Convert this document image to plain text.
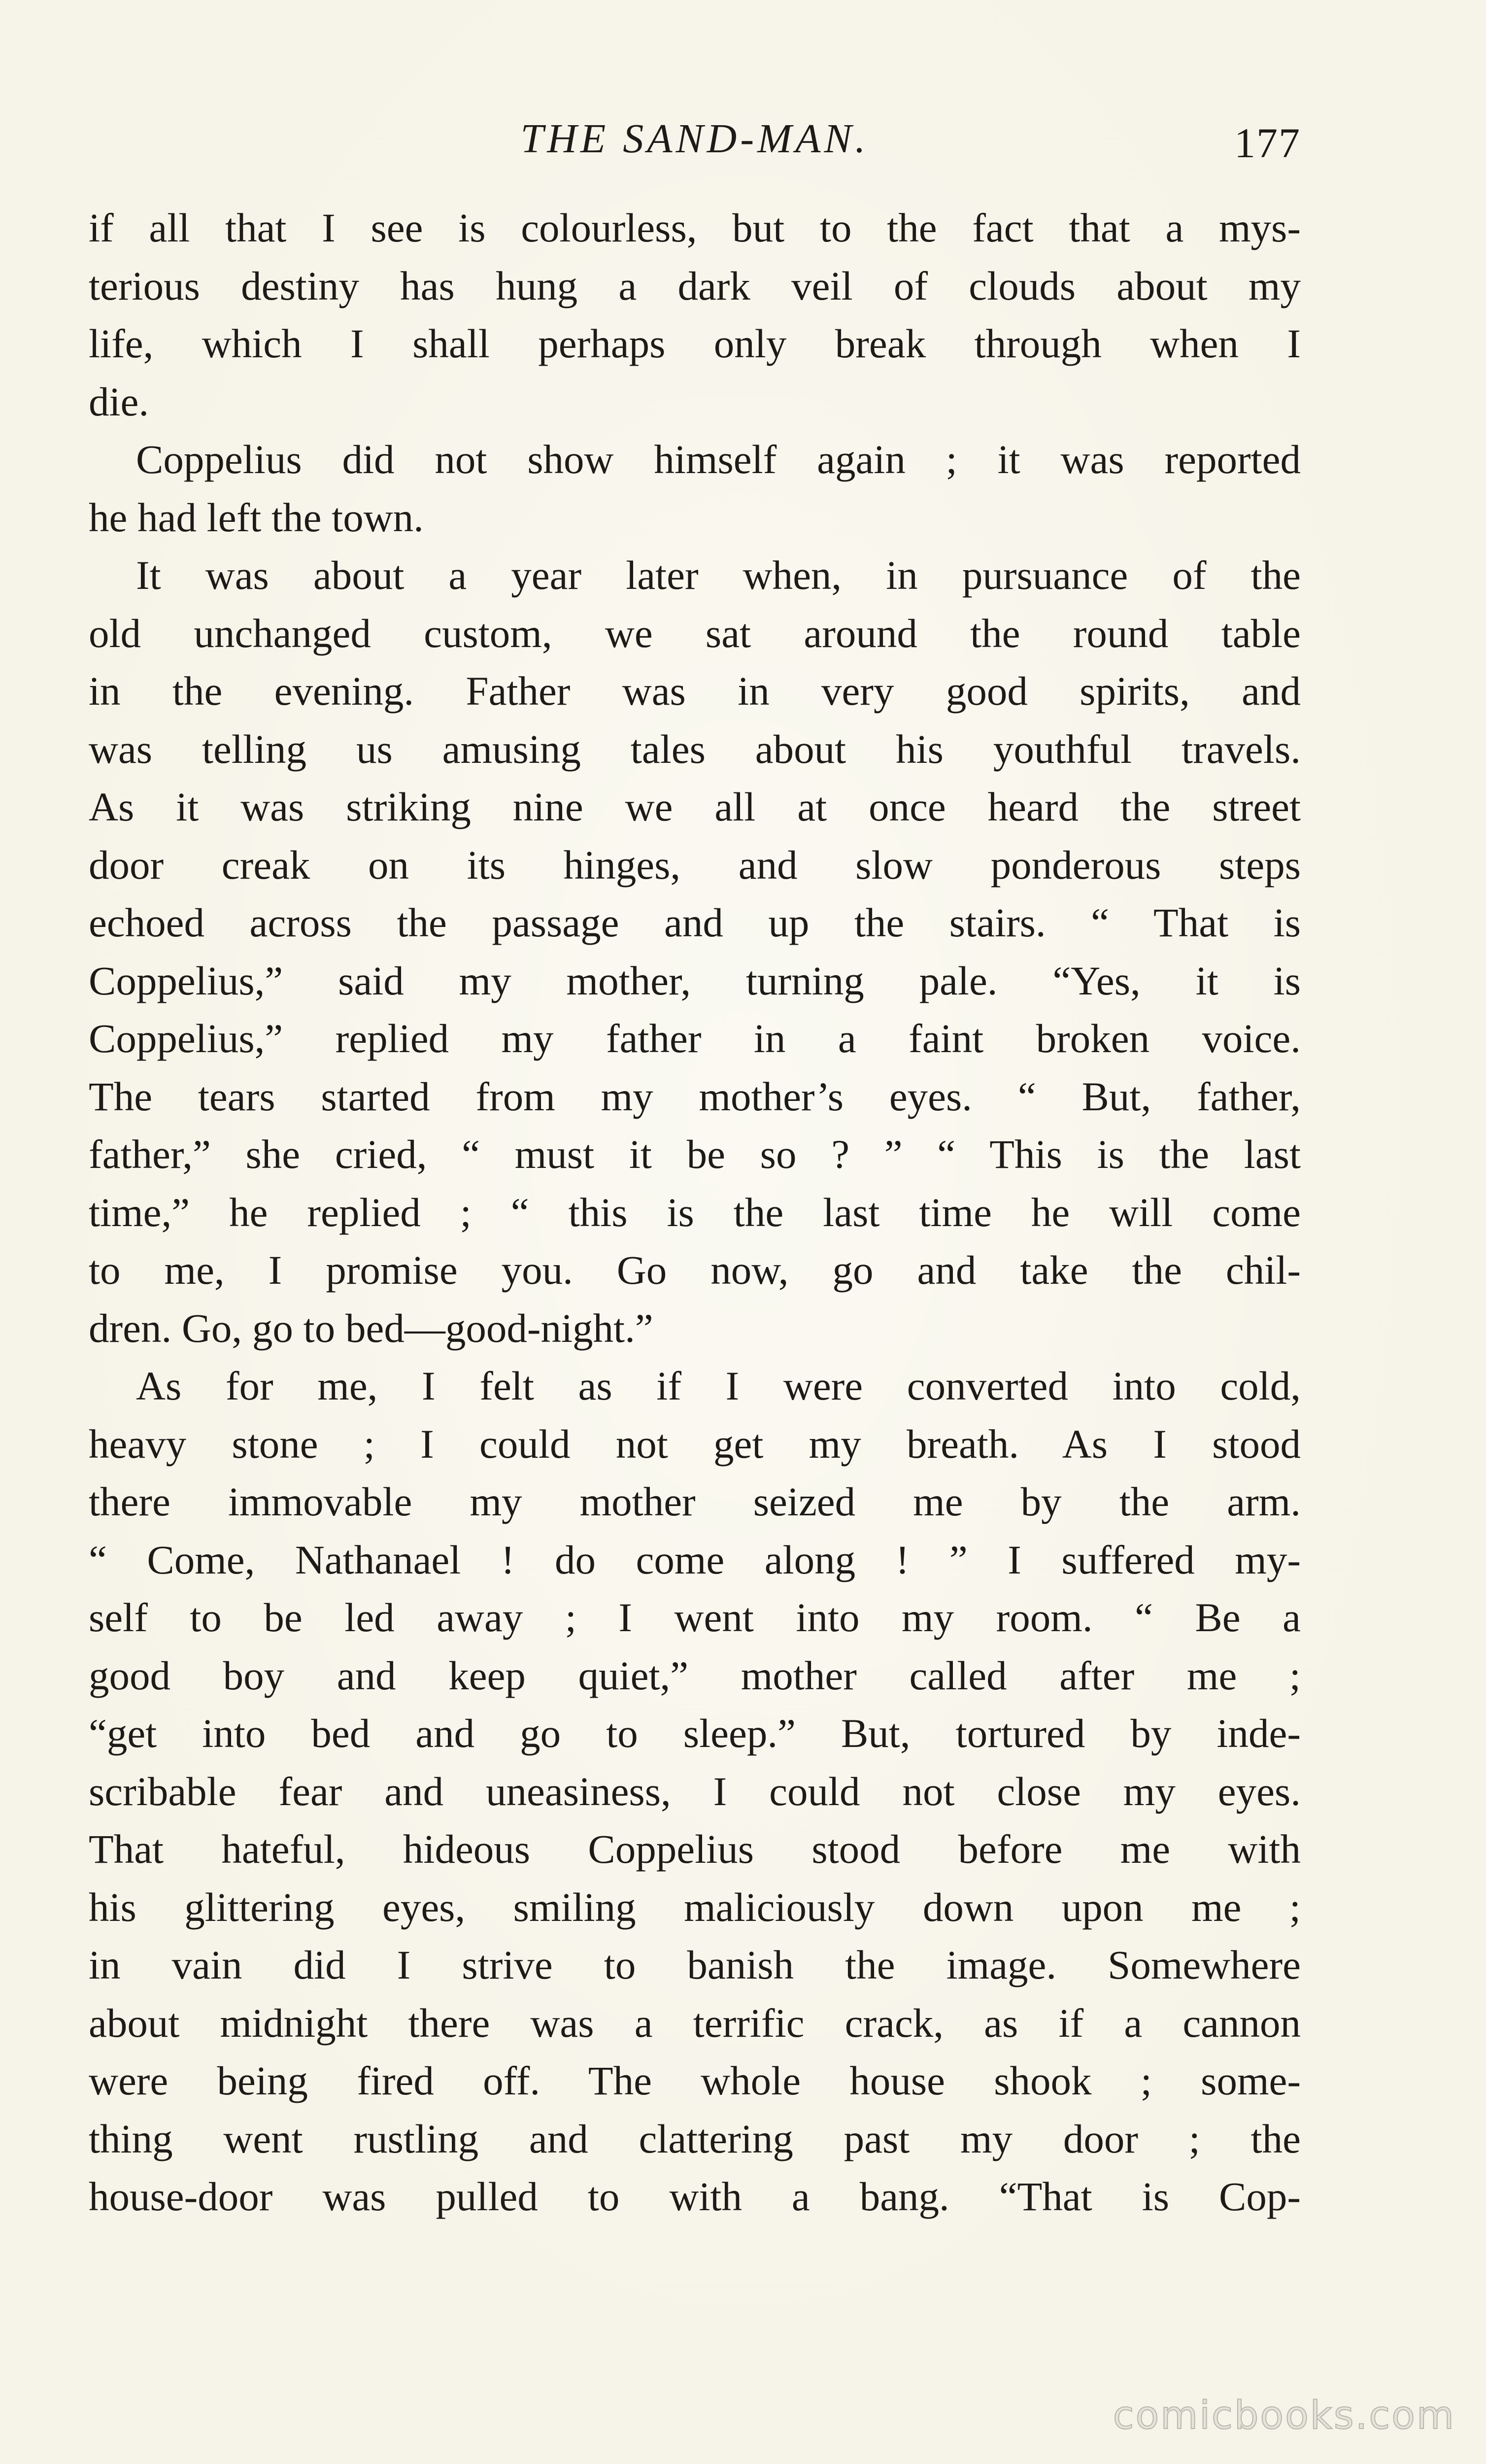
THE SAND-MAN.	177
if all that I see is colourless, but to the fact that a mys-
terious destiny has hung a dark veil of clouds about my
life, which I shall perhaps only break through when I
die.
Coppelius did not show himself again ; it was reported
he had left the town.
It was about a year later when, in pursuance of the
old unchanged custom, we sat around the round table
in the evening. Father was in very good spirits, and
was telling us amusing tales about his youthful travels.
As it was striking nine we all at once heard the street
door creak on its hinges, and slow ponderous steps
echoed across the passage and up the stairs. “ That is
Coppelius,” said my mother, turning pale. “Yes, it is
Coppelius,” replied my father in a faint broken voice.
The tears started from my mother’s eyes. “ But, father,
father,” she cried, “ must it be so ? ” “ This is the last
time,” he replied ; “ this is the last time he will come
to me, I promise you. Go now, go and take the chil-
dren. Go, go to bed—good-night.”
As for me, I felt as if I were converted into cold,
heavy stone ; I could not get my breath. As I stood
there immovable my mother seized me by the arm.
“ Come, Nathanael ! do come along ! ” I suffered my-
self to be led away ; I went into my room. “ Be a
good boy and keep quiet,” mother called after me ;
“get into bed and go to sleep.” But, tortured by inde-
scribable fear and uneasiness, I could not close my eyes.
That hateful, hideous Coppelius stood before me with
his glittering eyes, smiling maliciously down upon me ;
in vain did I strive to banish the image. Somewhere
about midnight there was a terrific crack, as if a cannon
were being fired off. The whole house shook ; some-
thing went rustling and clattering past my door ; the
house-door was pulled to with a bang. “That is Cop-
comicbooks.com
